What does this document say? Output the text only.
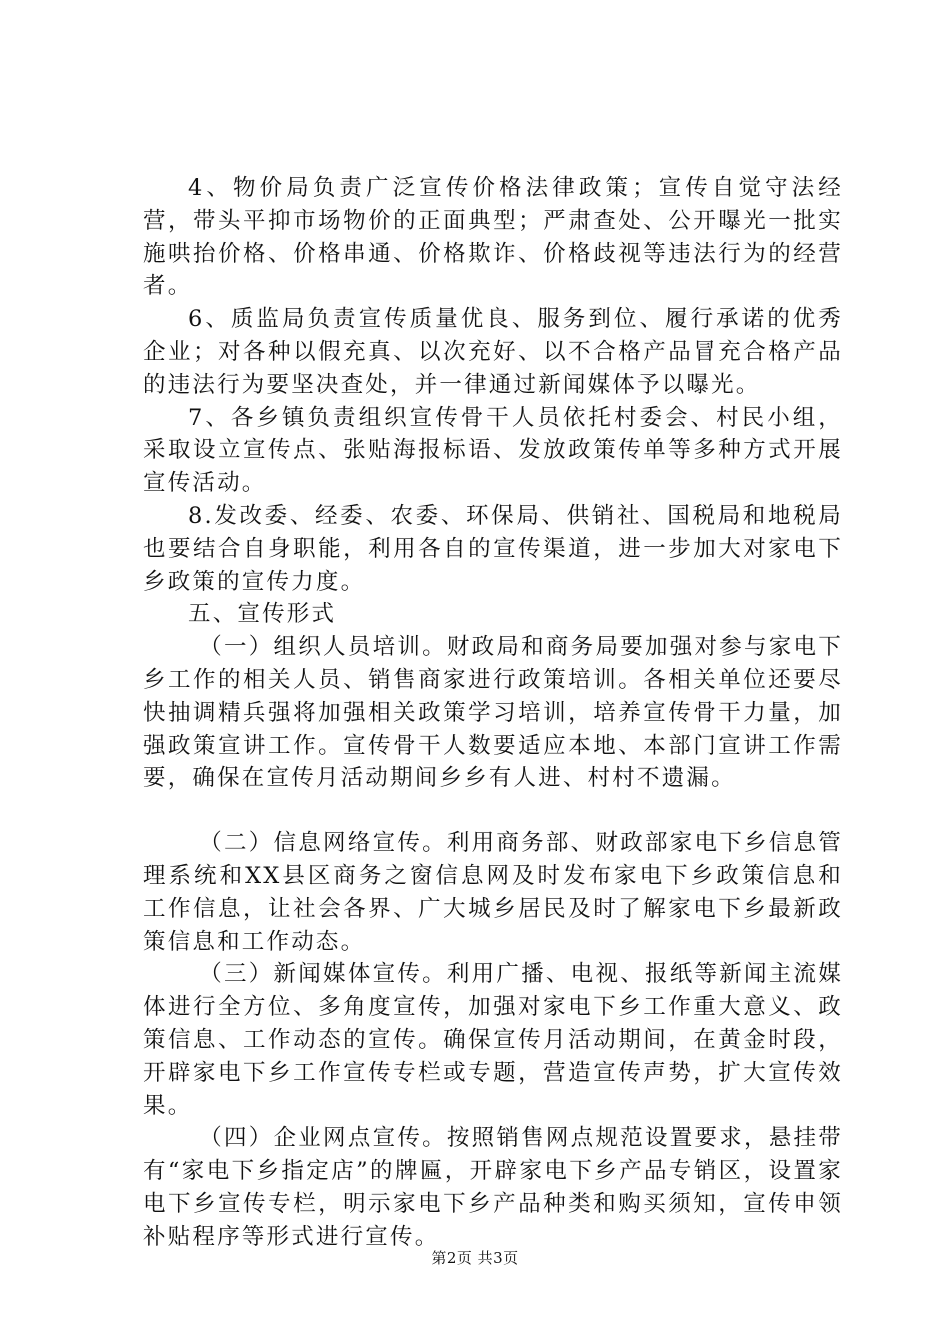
4、物价局负责广泛宣传价格法律政策；宣传自觉守法经营，带头平抑市场物价的正面典型；严肃查处、公开曝光一批实施哄抬价格、价格串通、价格欺诈、价格歧视等违法行为的经营者。

6、质监局负责宣传质量优良、服务到位、履行承诺的优秀企业；对各种以假充真、以次充好、以不合格产品冒充合格产品的违法行为要坚决查处，并一律通过新闻媒体予以曝光。

7、各乡镇负责组织宣传骨干人员依托村委会、村民小组，采取设立宣传点、张贴海报标语、发放政策传单等多种方式开展宣传活动。

8.发改委、经委、农委、环保局、供销社、国税局和地税局也要结合自身职能，利用各自的宣传渠道，进一步加大对家电下乡政策的宣传力度。

五、宣传形式

（一）组织人员培训。财政局和商务局要加强对参与家电下乡工作的相关人员、销售商家进行政策培训。各相关单位还要尽快抽调精兵强将加强相关政策学习培训，培养宣传骨干力量，加强政策宣讲工作。宣传骨干人数要适应本地、本部门宣讲工作需要，确保在宣传月活动期间乡乡有人进、村村不遗漏。

（二）信息网络宣传。利用商务部、财政部家电下乡信息管理系统和XX县区商务之窗信息网及时发布家电下乡政策信息和工作信息，让社会各界、广大城乡居民及时了解家电下乡最新政策信息和工作动态。

（三）新闻媒体宣传。利用广播、电视、报纸等新闻主流媒体进行全方位、多角度宣传，加强对家电下乡工作重大意义、政策信息、工作动态的宣传。确保宣传月活动期间，在黄金时段，开辟家电下乡工作宣传专栏或专题，营造宣传声势，扩大宣传效果。

（四）企业网点宣传。按照销售网点规范设置要求，悬挂带有“家电下乡指定店”的牌匾，开辟家电下乡产品专销区，设置家电下乡宣传专栏，明示家电下乡产品种类和购买须知，宣传申领补贴程序等形式进行宣传。

第2页 共3页
